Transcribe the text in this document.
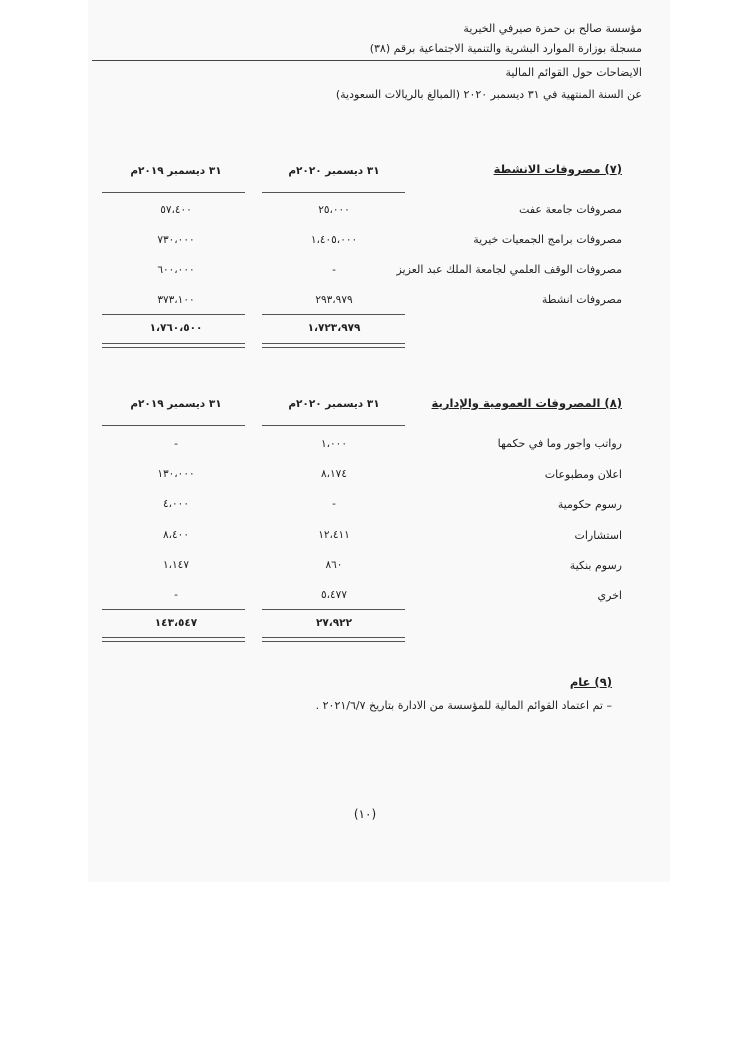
مؤسسة صالح بن حمزة صيرفي الخيرية
مسجلة بوزارة الموارد البشرية والتنمية الاجتماعية برقم (٣٨)
الايضاحات حول القوائم المالية
عن السنة المنتهية في ٣١ ديسمبر ٢٠٢٠ (المبالغ بالريالات السعودية)
(٧) مصروفات الانشطة
٣١ ديسمبر ٢٠٢٠م
٣١ ديسمبر ٢٠١٩م
مصروفات جامعة عفت
٢٥،٠٠٠
٥٧،٤٠٠
مصروفات برامج الجمعيات خيرية
١،٤٠٥،٠٠٠
٧٣٠،٠٠٠
مصروفات الوقف العلمي لجامعة الملك عبد العزيز
-
٦٠٠،٠٠٠
مصروفات انشطة
٢٩٣،٩٧٩
٣٧٣،١٠٠
١،٧٢٣،٩٧٩
١،٧٦٠،٥٠٠
(٨) المصروفات العمومية والإدارية
٣١ ديسمبر ٢٠٢٠م
٣١ ديسمبر ٢٠١٩م
رواتب واجور وما في حكمها
١،٠٠٠
-
اعلان ومطبوعات
٨،١٧٤
١٣٠،٠٠٠
رسوم حكومية
-
٤،٠٠٠
استشارات
١٢،٤١١
٨،٤٠٠
رسوم بنكية
٨٦٠
١،١٤٧
اخري
٥،٤٧٧
-
٢٧،٩٢٢
١٤٣،٥٤٧
(٩) عام
– تم اعتماد القوائم المالية للمؤسسة من الادارة بتاريخ ٢٠٢١/٦/٧ .
(١٠)
